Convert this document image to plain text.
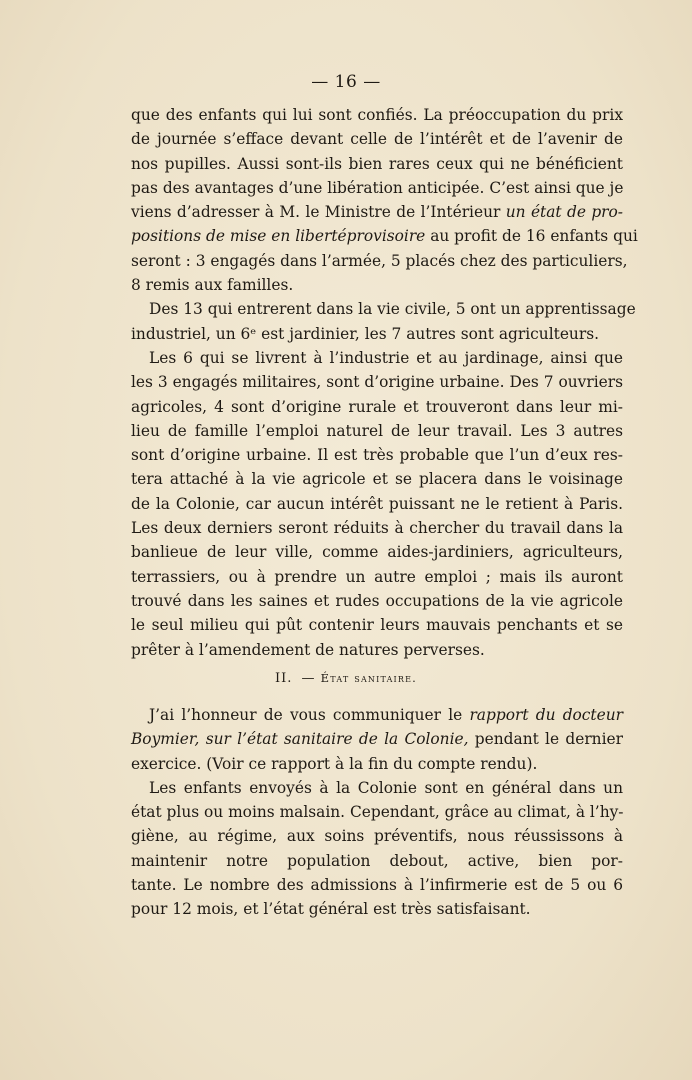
— 16 —
que des enfants qui lui sont confiés. La préoccupation du prix
de journée s’efface devant celle de l’intérêt et de l’avenir de
nos pupilles. Aussi sont-ils bien rares ceux qui ne bénéficient
pas des avantages d’une libération anticipée. C’est ainsi que je
viens d’adresser à M. le Ministre de l’Intérieur un état de pro-
positions de mise en libertéprovisoire au profit de 16 enfants qui
seront : 3 engagés dans l’armée, 5 placés chez des particuliers,
8 remis aux familles.
Des 13 qui entrerent dans la vie civile, 5 ont un apprentissage
industriel, un 6ᵉ est jardinier, les 7 autres sont agriculteurs.
Les 6 qui se livrent à l’industrie et au jardinage, ainsi que
les 3 engagés militaires, sont d’origine urbaine. Des 7 ouvriers
agricoles, 4 sont d’origine rurale et trouveront dans leur mi-
lieu de famille l’emploi naturel de leur travail. Les 3 autres
sont d’origine urbaine. Il est très probable que l’un d’eux res-
tera attaché à la vie agricole et se placera dans le voisinage
de la Colonie, car aucun intérêt puissant ne le retient à Paris.
Les deux derniers seront réduits à chercher du travail dans la
banlieue de leur ville, comme aides-jardiniers, agriculteurs,
terrassiers, ou à prendre un autre emploi ; mais ils auront
trouvé dans les saines et rudes occupations de la vie agricole
le seul milieu qui pût contenir leurs mauvais penchants et se
prêter à l’amendement de natures perverses.
II. — État sanitaire.
J’ai l’honneur de vous communiquer le rapport du docteur
Boymier, sur l’état sanitaire de la Colonie, pendant le dernier
exercice. (Voir ce rapport à la fin du compte rendu).
Les enfants envoyés à la Colonie sont en général dans un
état plus ou moins malsain. Cependant, grâce au climat, à l’hy-
giène, au régime, aux soins préventifs, nous réussissons à
maintenir notre population debout, active, bien por-
tante. Le nombre des admissions à l’infirmerie est de 5 ou 6
pour 12 mois, et l’état général est très satisfaisant.
